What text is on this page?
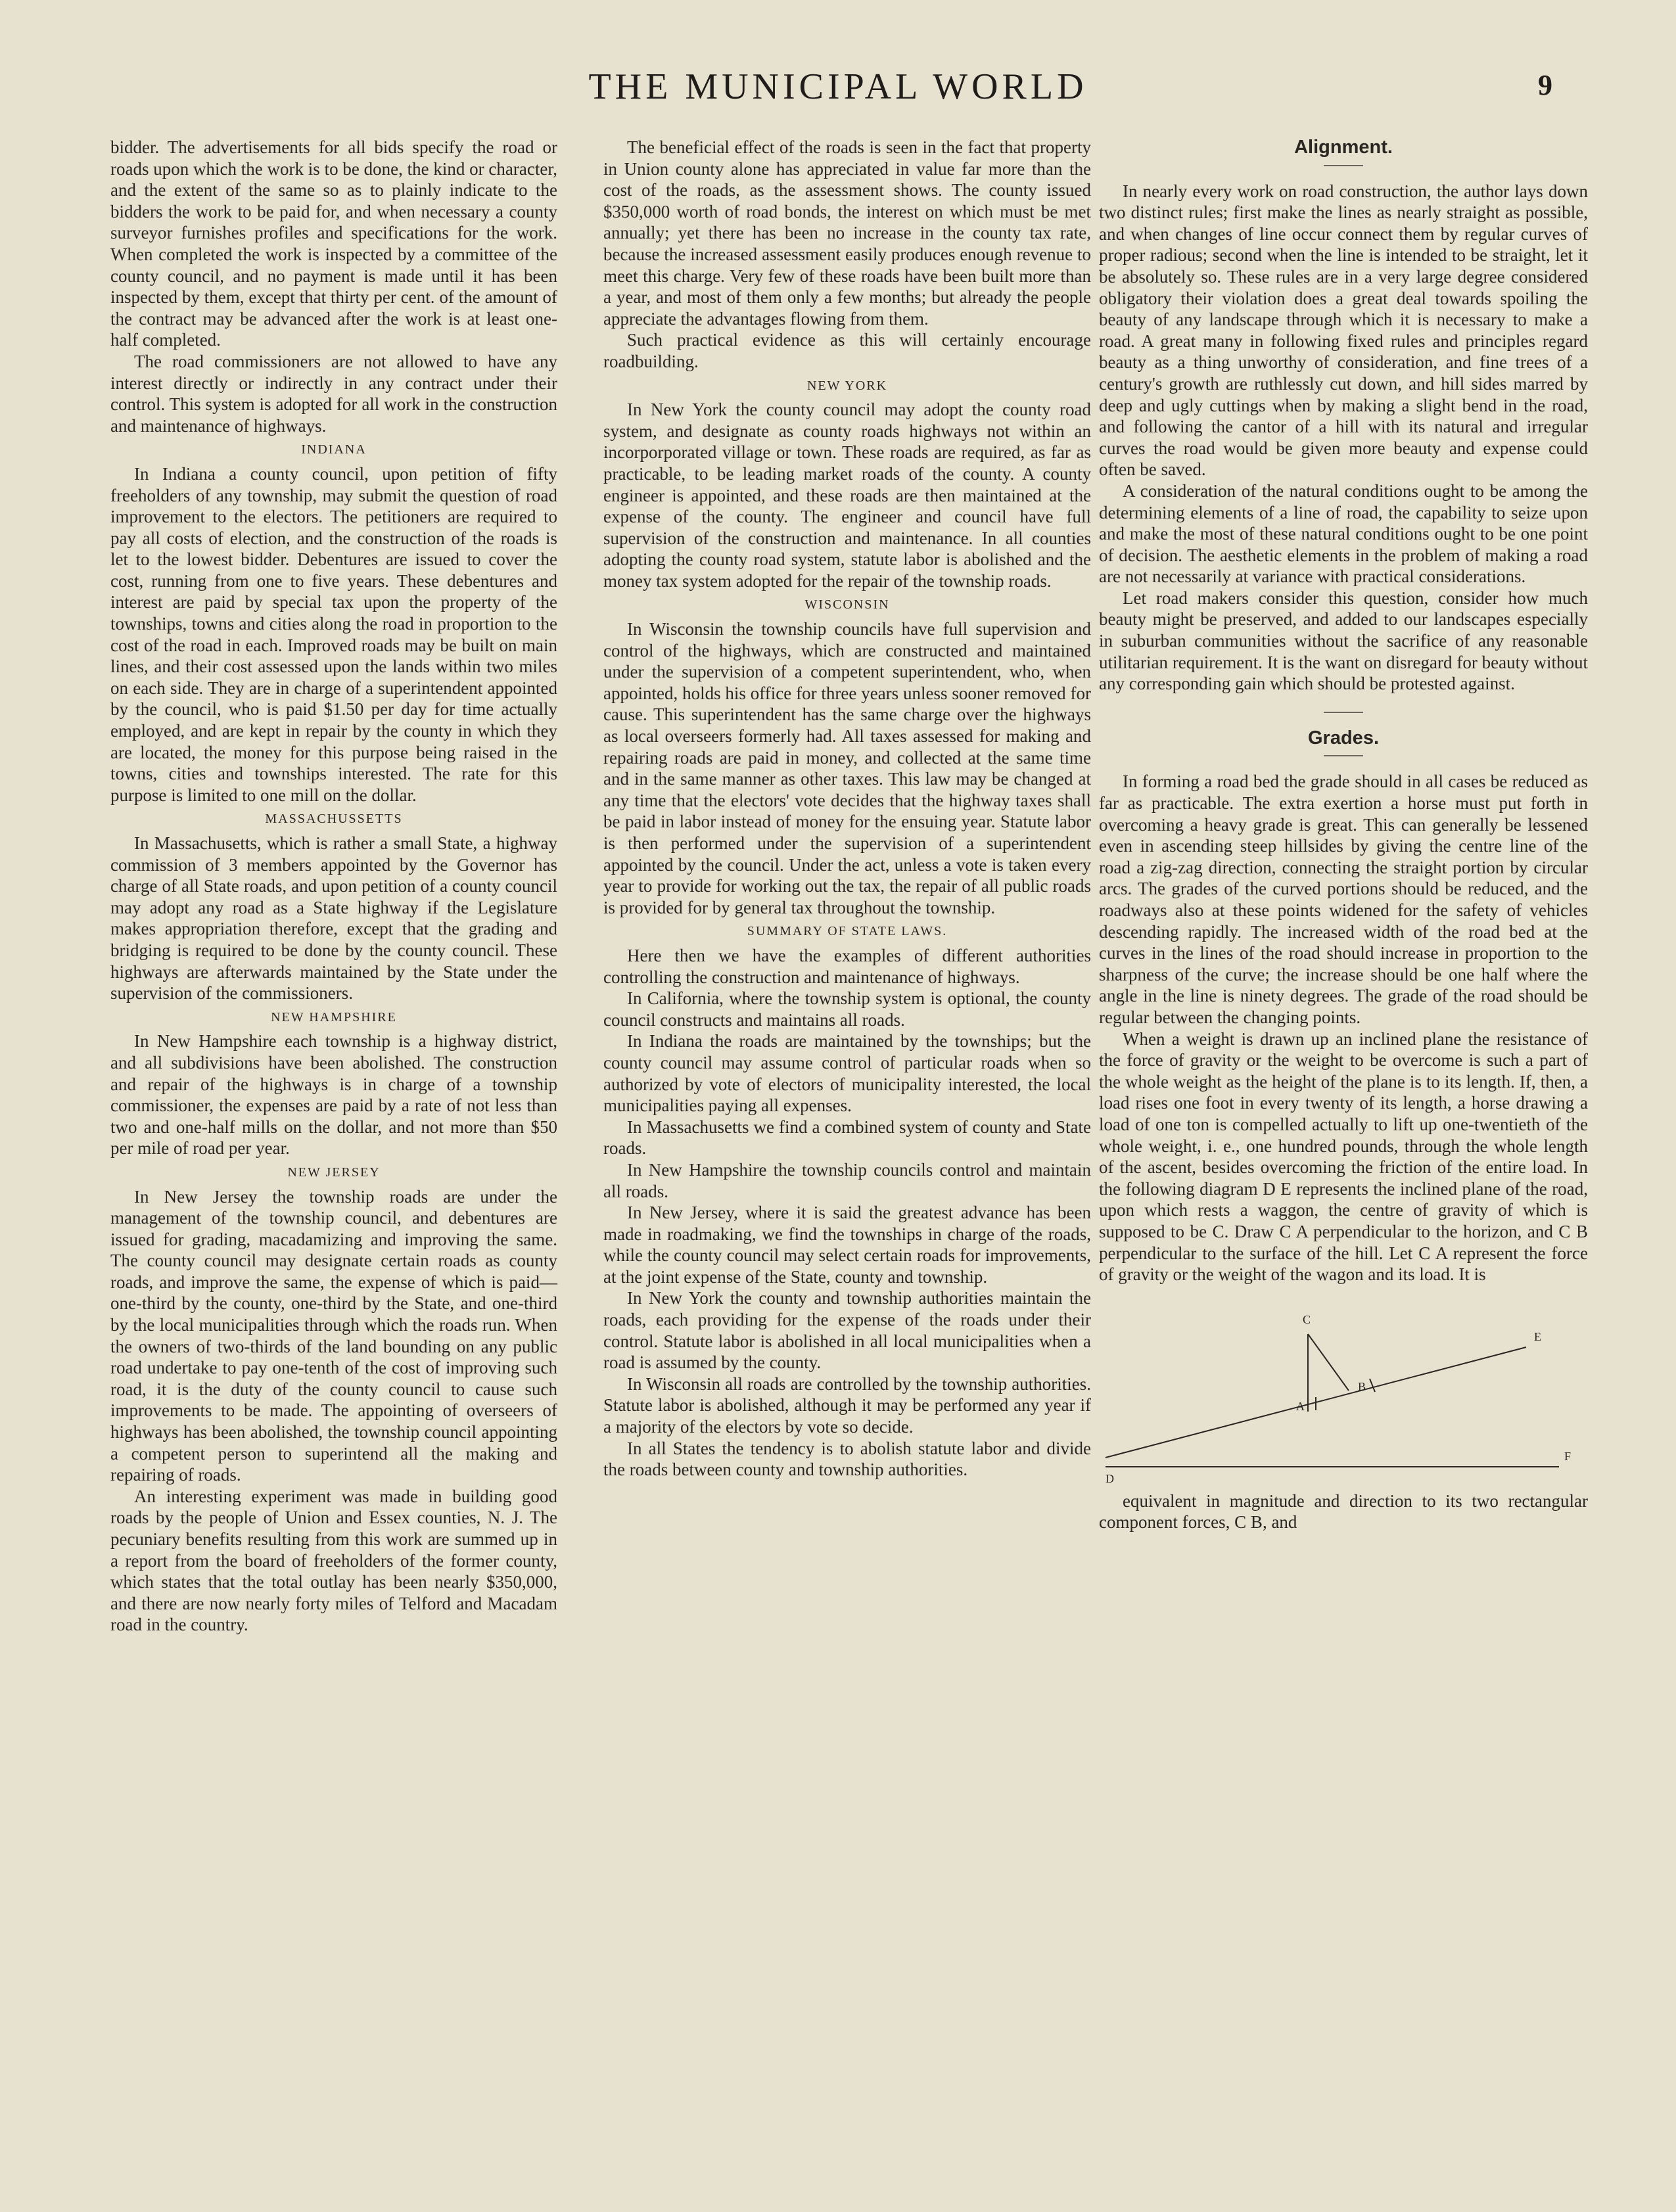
THE MUNICIPAL WORLD	9

bidder. The advertisements for all bids specify the road or roads upon which the work is to be done, the kind or character, and the extent of the same so as to plainly indicate to the bidders the work to be paid for, and when necessary a county surveyor furnishes profiles and specifications for the work. When completed the work is inspected by a committee of the county council, and no payment is made until it has been inspected by them, except that thirty per cent. of the amount of the contract may be advanced after the work is at least one-half completed.

The road commissioners are not allowed to have any interest directly or indirectly in any contract under their control. This system is adopted for all work in the construction and maintenance of highways.

INDIANA

In Indiana a county council, upon petition of fifty freeholders of any township, may submit the question of road improvement to the electors. The petitioners are required to pay all costs of election, and the construction of the roads is let to the lowest bidder. Debentures are issued to cover the cost, running from one to five years. These debentures and interest are paid by special tax upon the property of the townships, towns and cities along the road in proportion to the cost of the road in each. Improved roads may be built on main lines, and their cost assessed upon the lands within two miles on each side. They are in charge of a superintendent appointed by the council, who is paid $1.50 per day for time actually employed, and are kept in repair by the county in which they are located, the money for this purpose being raised in the towns, cities and townships interested. The rate for this purpose is limited to one mill on the dollar.

MASSACHUSSETTS

In Massachusetts, which is rather a small State, a highway commission of 3 members appointed by the Governor has charge of all State roads, and upon petition of a county council may adopt any road as a State highway if the Legislature makes appropriation therefore, except that the grading and bridging is required to be done by the county council. These highways are afterwards maintained by the State under the supervision of the commissioners.

NEW HAMPSHIRE

In New Hampshire each township is a highway district, and all subdivisions have been abolished. The construction and repair of the highways is in charge of a township commissioner, the expenses are paid by a rate of not less than two and one-half mills on the dollar, and not more than $50 per mile of road per year.

NEW JERSEY

In New Jersey the township roads are under the management of the township council, and debentures are issued for grading, macadamizing and improving the same. The county council may designate certain roads as county roads, and improve the same, the expense of which is paid—one-third by the county, one-third by the State, and one-third by the local municipalities through which the roads run. When the owners of two-thirds of the land bounding on any public road undertake to pay one-tenth of the cost of improving such road, it is the duty of the county council to cause such improvements to be made. The appointing of overseers of highways has been abolished, the township council appointing a competent person to superintend all the making and repairing of roads.

An interesting experiment was made in building good roads by the people of Union and Essex counties, N. J. The pecuniary benefits resulting from this work are summed up in a report from the board of freeholders of the former county, which states that the total outlay has been nearly $350,000, and there are now nearly forty miles of Telford and Macadam road in the country.

The beneficial effect of the roads is seen in the fact that property in Union county alone has appreciated in value far more than the cost of the roads, as the assessment shows. The county issued $350,000 worth of road bonds, the interest on which must be met annually; yet there has been no increase in the county tax rate, because the increased assessment easily produces enough revenue to meet this charge. Very few of these roads have been built more than a year, and most of them only a few months; but already the people appreciate the advantages flowing from them.

Such practical evidence as this will certainly encourage roadbuilding.

NEW YORK

In New York the county council may adopt the county road system, and designate as county roads highways not within an incorporporated village or town. These roads are required, as far as practicable, to be leading market roads of the county. A county engineer is appointed, and these roads are then maintained at the expense of the county. The engineer and council have full supervision of the construction and maintenance. In all counties adopting the county road system, statute labor is abolished and the money tax system adopted for the repair of the township roads.

WISCONSIN

In Wisconsin the township councils have full supervision and control of the highways, which are constructed and maintained under the supervision of a competent superintendent, who, when appointed, holds his office for three years unless sooner removed for cause. This superintendent has the same charge over the highways as local overseers formerly had. All taxes assessed for making and repairing roads are paid in money, and collected at the same time and in the same manner as other taxes. This law may be changed at any time that the electors' vote decides that the highway taxes shall be paid in labor instead of money for the ensuing year. Statute labor is then performed under the supervision of a superintendent appointed by the council. Under the act, unless a vote is taken every year to provide for working out the tax, the repair of all public roads is provided for by general tax throughout the township.

SUMMARY OF STATE LAWS.

Here then we have the examples of different authorities controlling the construction and maintenance of highways.

In California, where the township system is optional, the county council constructs and maintains all roads.

In Indiana the roads are maintained by the townships; but the county council may assume control of particular roads when so authorized by vote of electors of municipality interested, the local municipalities paying all expenses.

In Massachusetts we find a combined system of county and State roads.

In New Hampshire the township councils control and maintain all roads.

In New Jersey, where it is said the greatest advance has been made in roadmaking, we find the townships in charge of the roads, while the county council may select certain roads for improvements, at the joint expense of the State, county and township.

In New York the county and township authorities maintain the roads, each providing for the expense of the roads under their control. Statute labor is abolished in all local municipalities when a road is assumed by the county.

In Wisconsin all roads are controlled by the township authorities. Statute labor is abolished, although it may be performed any year if a majority of the electors by vote so decide.

In all States the tendency is to abolish statute labor and divide the roads between county and township authorities.

Alignment.

In nearly every work on road construction, the author lays down two distinct rules; first make the lines as nearly straight as possible, and when changes of line occur connect them by regular curves of proper radious; second when the line is intended to be straight, let it be absolutely so. These rules are in a very large degree considered obligatory their violation does a great deal towards spoiling the beauty of any landscape through which it is necessary to make a road. A great many in following fixed rules and principles regard beauty as a thing unworthy of consideration, and fine trees of a century's growth are ruthlessly cut down, and hill sides marred by deep and ugly cuttings when by making a slight bend in the road, and following the cantor of a hill with its natural and irregular curves the road would be given more beauty and expense could often be saved.

A consideration of the natural conditions ought to be among the determining elements of a line of road, the capability to seize upon and make the most of these natural conditions ought to be one point of decision. The aesthetic elements in the problem of making a road are not necessarily at variance with practical considerations.

Let road makers consider this question, consider how much beauty might be preserved, and added to our landscapes especially in suburban communities without the sacrifice of any reasonable utilitarian requirement. It is the want on disregard for beauty without any corresponding gain which should be protested against.

Grades.

In forming a road bed the grade should in all cases be reduced as far as practicable. The extra exertion a horse must put forth in overcoming a heavy grade is great. This can generally be lessened even in ascending steep hillsides by giving the centre line of the road a zig-zag direction, connecting the straight portion by circular arcs. The grades of the curved portions should be reduced, and the roadways also at these points widened for the safety of vehicles descending rapidly. The increased width of the road bed at the curves in the lines of the road should increase in proportion to the sharpness of the curve; the increase should be one half where the angle in the line is ninety degrees. The grade of the road should be regular between the changing points.

When a weight is drawn up an inclined plane the resistance of the force of gravity or the weight to be overcome is such a part of the whole weight as the height of the plane is to its length. If, then, a load rises one foot in every twenty of its length, a horse drawing a load of one ton is compelled actually to lift up one-twentieth of the whole weight, i. e., one hundred pounds, through the whole length of the ascent, besides overcoming the friction of the entire load. In the following diagram D E represents the inclined plane of the road, upon which rests a waggon, the centre of gravity of which is supposed to be C. Draw C A perpendicular to the horizon, and C B perpendicular to the surface of the hill. Let C A represent the force of gravity or the weight of the wagon and its load. It is

C
E
A
B
D
F

equivalent in magnitude and direction to its two rectangular component forces, C B, and
